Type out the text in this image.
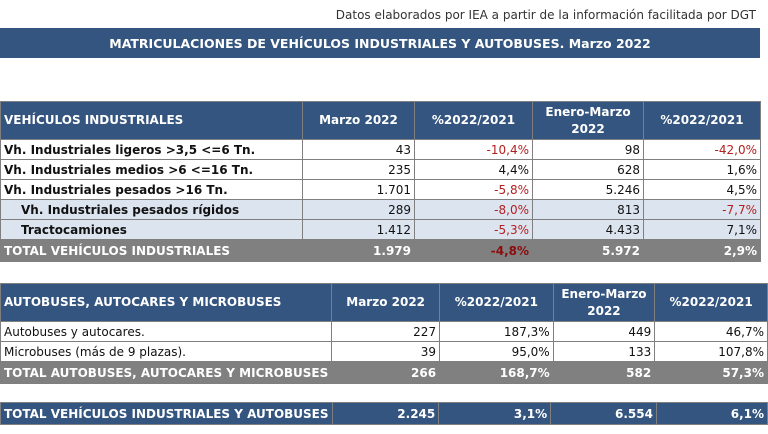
Datos elaborados por IEA a partir de la información facilitada por DGT
MATRICULACIONES DE VEHÍCULOS INDUSTRIALES Y AUTOBUSES. Marzo 2022
VEHÍCULOS INDUSTRIALES	Marzo 2022	%2022/2021	Enero-Marzo 2022	%2022/2021
Vh. Industriales ligeros >3,5 <=6 Tn.	43	-10,4%	98	-42,0%
Vh. Industriales medios >6 <=16 Tn.	235	4,4%	628	1,6%
Vh. Industriales pesados >16 Tn.	1.701	-5,8%	5.246	4,5%
Vh. Industriales pesados rígidos	289	-8,0%	813	-7,7%
Tractocamiones	1.412	-5,3%	4.433	7,1%
TOTAL VEHÍCULOS INDUSTRIALES	1.979	-4,8%	5.972	2,9%
AUTOBUSES, AUTOCARES Y MICROBUSES	Marzo 2022	%2022/2021	Enero-Marzo 2022	%2022/2021
Autobuses y autocares.	227	187,3%	449	46,7%
Microbuses (más de 9 plazas).	39	95,0%	133	107,8%
TOTAL AUTOBUSES, AUTOCARES Y MICROBUSES	266	168,7%	582	57,3%
TOTAL VEHÍCULOS INDUSTRIALES Y AUTOBUSES	2.245	3,1%	6.554	6,1%
